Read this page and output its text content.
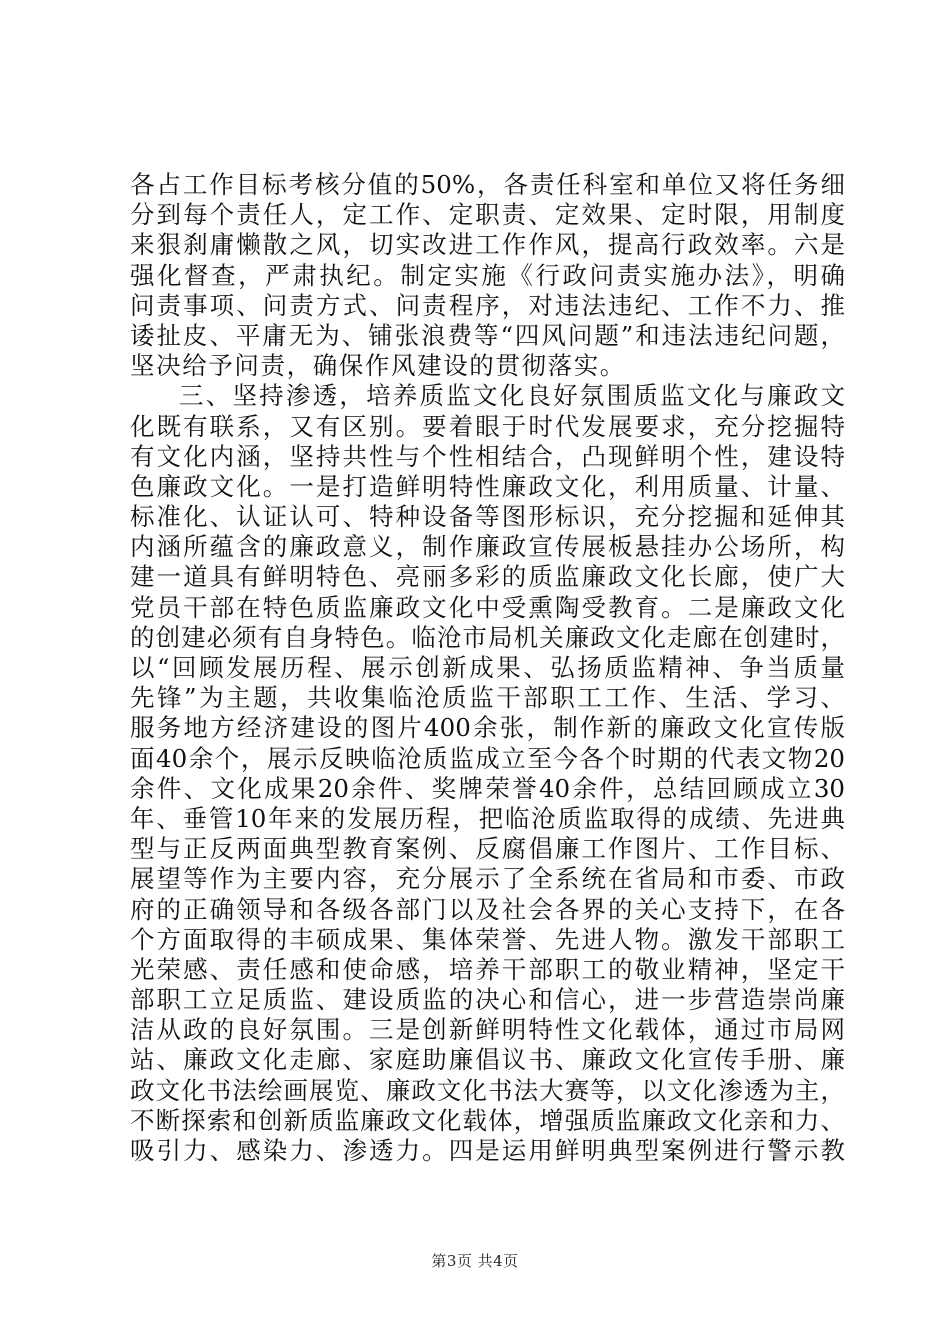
各占工作目标考核分值的50%，各责任科室和单位又将任务细
分到每个责任人，定工作、定职责、定效果、定时限，用制度
来狠刹庸懒散之风，切实改进工作作风，提高行政效率。六是
强化督查，严肃执纪。制定实施《行政问责实施办法》，明确
问责事项、问责方式、问责程序，对违法违纪、工作不力、推
诿扯皮、平庸无为、铺张浪费等“四风问题”和违法违纪问题，
坚决给予问责，确保作风建设的贯彻落实。
三、坚持渗透，培养质监文化良好氛围质监文化与廉政文
化既有联系，又有区别。要着眼于时代发展要求，充分挖掘特
有文化内涵，坚持共性与个性相结合，凸现鲜明个性，建设特
色廉政文化。一是打造鲜明特性廉政文化，利用质量、计量、
标准化、认证认可、特种设备等图形标识，充分挖掘和延伸其
内涵所蕴含的廉政意义，制作廉政宣传展板悬挂办公场所，构
建一道具有鲜明特色、亮丽多彩的质监廉政文化长廊，使广大
党员干部在特色质监廉政文化中受熏陶受教育。二是廉政文化
的创建必须有自身特色。临沧市局机关廉政文化走廊在创建时，
以“回顾发展历程、展示创新成果、弘扬质监精神、争当质量
先锋”为主题，共收集临沧质监干部职工工作、生活、学习、
服务地方经济建设的图片400余张，制作新的廉政文化宣传版
面40余个，展示反映临沧质监成立至今各个时期的代表文物20
余件、文化成果20余件、奖牌荣誉40余件，总结回顾成立30
年、垂管10年来的发展历程，把临沧质监取得的成绩、先进典
型与正反两面典型教育案例、反腐倡廉工作图片、工作目标、
展望等作为主要内容，充分展示了全系统在省局和市委、市政
府的正确领导和各级各部门以及社会各界的关心支持下，在各
个方面取得的丰硕成果、集体荣誉、先进人物。激发干部职工
光荣感、责任感和使命感，培养干部职工的敬业精神，坚定干
部职工立足质监、建设质监的决心和信心，进一步营造崇尚廉
洁从政的良好氛围。三是创新鲜明特性文化载体，通过市局网
站、廉政文化走廊、家庭助廉倡议书、廉政文化宣传手册、廉
政文化书法绘画展览、廉政文化书法大赛等，以文化渗透为主，
不断探索和创新质监廉政文化载体，增强质监廉政文化亲和力、
吸引力、感染力、渗透力。四是运用鲜明典型案例进行警示教
第3页 共4页
